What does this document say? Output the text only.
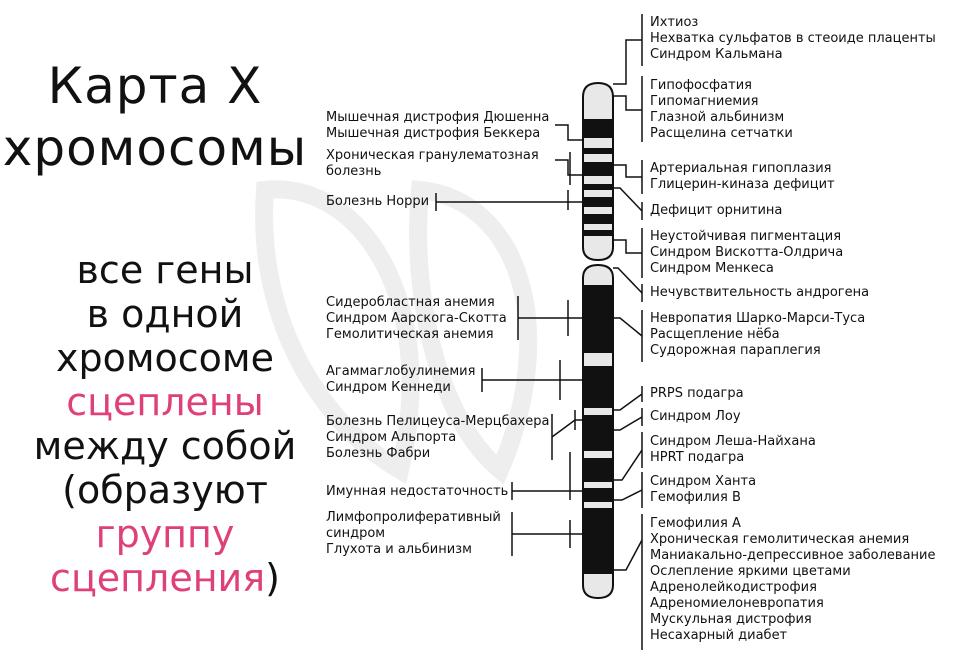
Карта Х
хромосомы
все гены
в одной
хромосоме
сцеплены
между собой
(образуют
группу
сцепления)
Мышечная дистрофия Дюшенна
Мышечная дистрофия Беккера
Хроническая гранулематозная
болезнь
Болезнь Норри
Сидеробластная анемия
Синдром Аарскога-Скотта
Гемолитическая анемия
Агаммаглобулинемия
Синдром Кеннеди
Болезнь Пелицеуса-Мерцбахера
Синдром Альпорта
Болезнь Фабри
Имунная недостаточность
Лимфопролиферативный
синдром
Глухота и альбинизм
Ихтиоз
Нехватка сульфатов в стеоиде плаценты
Синдром Кальмана
Гипофосфатия
Гипомагниемия
Глазной альбинизм
Расщелина сетчатки
Артериальная гипоплазия
Глицерин-киназа дефицит
Дефицит орнитина
Неустойчивая пигментация
Синдром Вискотта-Олдрича
Синдром Менкеса
Нечувствительность андрогена
Невропатия Шарко-Марси-Туса
Расщепление нёба
Судорожная параплегия
PRPS подагра
Синдром Лоу
Синдром Леша-Найхана
HPRT подагра
Синдром Ханта
Гемофилия В
Гемофилия А
Хроническая гемолитическая анемия
Маниакально-депрессивное заболевание
Ослепление яркими цветами
Адренолейкодистрофия
Адреномиелоневропатия
Мускульная дистрофия
Несахарный диабет
